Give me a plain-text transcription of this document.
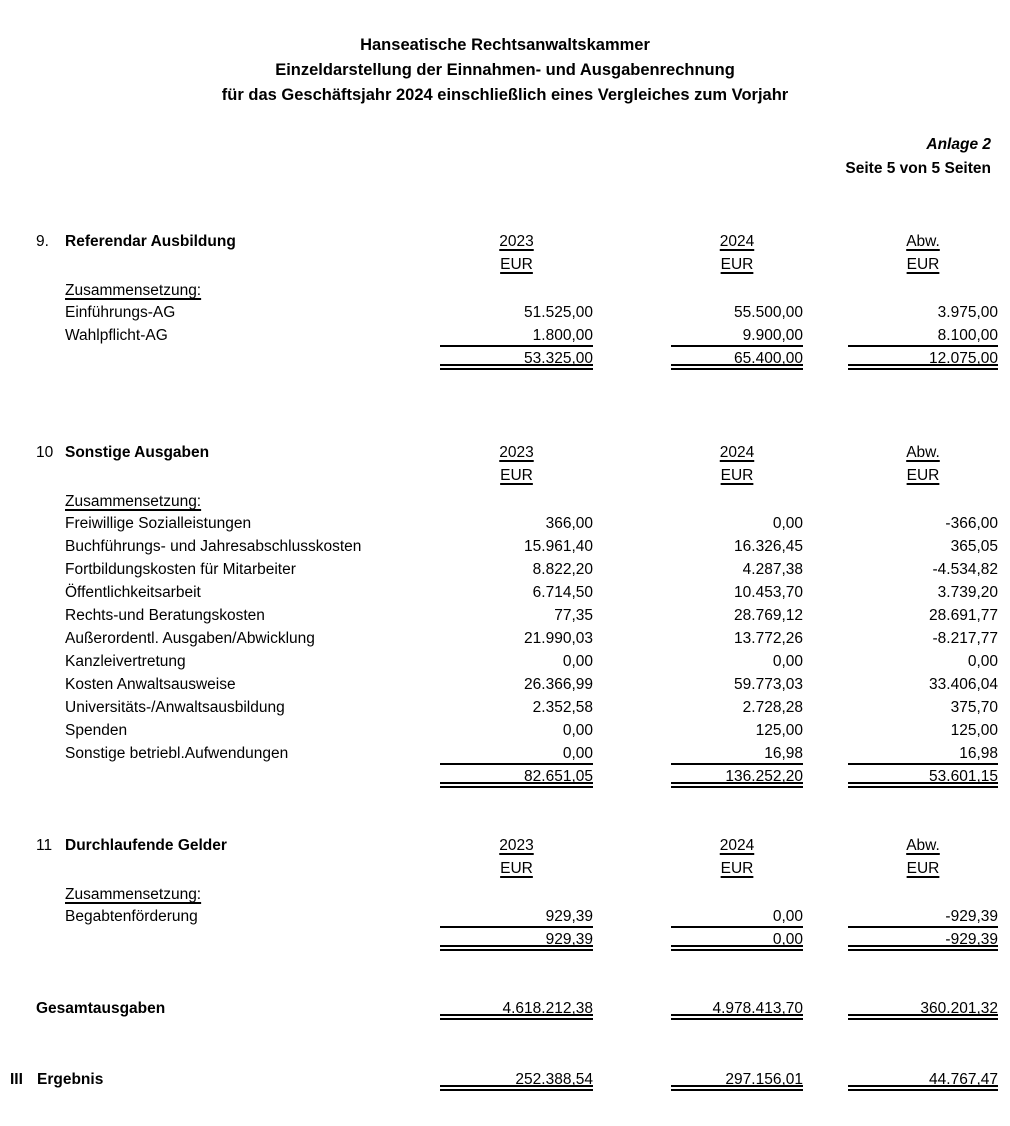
Hanseatische Rechtsanwaltskammer
Einzeldarstellung der Einnahmen- und Ausgabenrechnung
für das Geschäftsjahr 2024 einschließlich eines Vergleiches zum Vorjahr
Anlage 2
Seite 5 von 5 Seiten
9.	Referendar Ausbildung	2023	2024	Abw.
EUR	EUR	EUR
Zusammensetzung:
Einführungs-AG	51.525,00	55.500,00	3.975,00
Wahlpflicht-AG	1.800,00	9.900,00	8.100,00
53.325,00	65.400,00	12.075,00
10 Sonstige Ausgaben	2023	2024	Abw.
EUR	EUR	EUR
Zusammensetzung:
Freiwillige Sozialleistungen	366,00	0,00	-366,00
Buchführungs- und Jahresabschlusskosten	15.961,40	16.326,45	365,05
Fortbildungskosten für Mitarbeiter	8.822,20	4.287,38	-4.534,82
Öffentlichkeitsarbeit	6.714,50	10.453,70	3.739,20
Rechts-und Beratungskosten	77,35	28.769,12	28.691,77
Außerordentl. Ausgaben/Abwicklung	21.990,03	13.772,26	-8.217,77
Kanzleivertretung	0,00	0,00	0,00
Kosten Anwaltsausweise	26.366,99	59.773,03	33.406,04
Universitäts-/Anwaltsausbildung	2.352,58	2.728,28	375,70
Spenden	0,00	125,00	125,00
Sonstige betriebl.Aufwendungen	0,00	16,98	16,98
82.651,05	136.252,20	53.601,15
11 Durchlaufende Gelder	2023	2024	Abw.
EUR	EUR	EUR
Zusammensetzung:
Begabtenförderung	929,39	0,00	-929,39
929,39	0,00	-929,39
Gesamtausgaben	4.618.212,38	4.978.413,70	360.201,32
III Ergebnis	252.388,54	297.156,01	44.767,47
